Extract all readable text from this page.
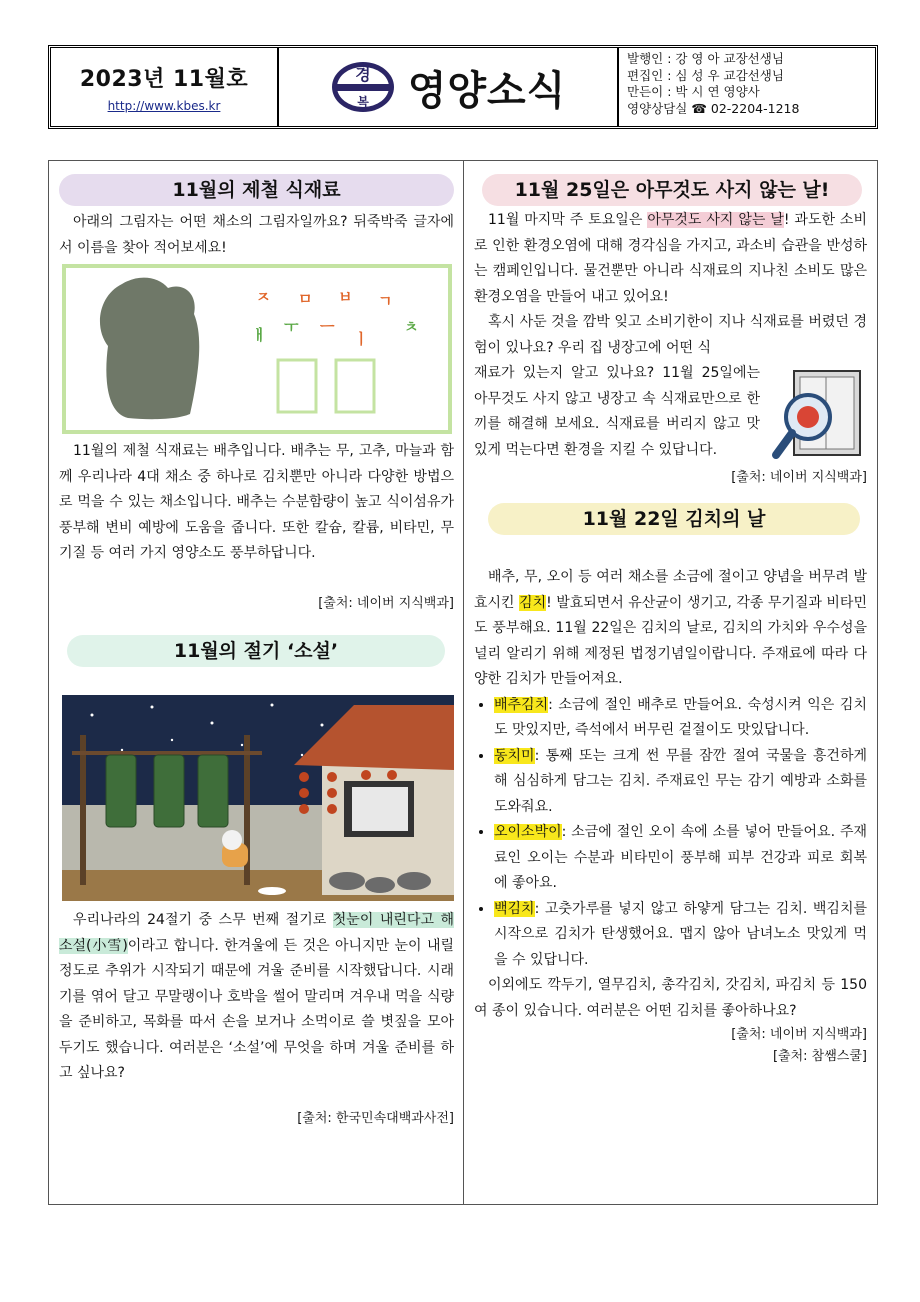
2023년 11월호
http://www.kbes.kr
경
복 영양소식
발행인 : 강 영 아 교장선생님
편집인 : 심 성 우 교감선생님
만든이 : 박 시 연 영양사
영양상담실 ☎ 02-2204-1218
11월의 제철 식재료

아래의 그림자는 어떤 채소의 그림자일까요? 뒤죽박죽 글자에서 이름을 찾아 적어보세요!

ㅈ ㅁ ㅂ ㄱ
ㅐ ㅜ ㅡ
ㅣ
ㅊ

11월의 제철 식재료는 배추입니다. 배추는 무, 고추, 마늘과 함께 우리나라 4대 채소 중 하나로 김치뿐만 아니라 다양한 방법으로 먹을 수 있는 채소입니다. 배추는 수분함량이 높고 식이섬유가 풍부해 변비 예방에 도움을 줍니다. 또한 칼슘, 칼륨, 비타민, 무기질 등 여러 가지 영양소도 풍부하답니다.

[출처: 네이버 지식백과]
11월의 절기 ‘소설’

우리나라의 24절기 중 스무 번째 절기로 첫눈이 내린다고 해 소설(小雪)이라고 합니다. 한겨울에 든 것은 아니지만 눈이 내릴 정도로 추위가 시작되기 때문에 겨울 준비를 시작했답니다. 시래기를 엮어 달고 무말랭이나 호박을 썰어 말리며 겨우내 먹을 식량을 준비하고, 목화를 따서 손을 보거나 소먹이로 쓸 볏짚을 모아두기도 했습니다. 여러분은 ‘소설’에 무엇을 하며 겨울 준비를 하고 싶나요?

[출처: 한국민속대백과사전]
11월 25일은 아무것도 사지 않는 날!

11월 마지막 주 토요일은 아무것도 사지 않는 날! 과도한 소비로 인한 환경오염에 대해 경각심을 가지고, 과소비 습관을 반성하는 캠페인입니다. 물건뿐만 아니라 식재료의 지나친 소비도 많은 환경오염을 만들어 내고 있어요!

혹시 사둔 것을 깜박 잊고 소비기한이 지나 식재료를 버렸던 경험이 있나요? 우리 집 냉장고에 어떤 식

재료가 있는지 알고 있나요? 11월 25일에는 아무것도 사지 않고 냉장고 속 식재료만으로 한 끼를 해결해 보세요. 식재료를 버리지 않고 맛있게 먹는다면 환경을 지킬 수 있답니다.

[출처: 네이버 지식백과]
11월 22일 김치의 날

배추, 무, 오이 등 여러 채소를 소금에 절이고 양념을 버무려 발효시킨 김치! 발효되면서 유산균이 생기고, 각종 무기질과 비타민도 풍부해요. 11월 22일은 김치의 날로, 김치의 가치와 우수성을 널리 알리기 위해 제정된 법정기념일이랍니다. 주재료에 따라 다양한 김치가 만들어져요.

• 배추김치: 소금에 절인 배추로 만들어요. 숙성시켜 익은 김치도 맛있지만, 즉석에서 버무린 겉절이도 맛있답니다.
• 동치미: 통째 또는 크게 썬 무를 잠깐 절여 국물을 흥건하게 해 심심하게 담그는 김치. 주재료인 무는 감기 예방과 소화를 도와줘요.
• 오이소박이: 소금에 절인 오이 속에 소를 넣어 만들어요. 주재료인 오이는 수분과 비타민이 풍부해 피부 건강과 피로 회복에 좋아요.
• 백김치: 고춧가루를 넣지 않고 하얗게 담그는 김치. 백김치를 시작으로 김치가 탄생했어요. 맵지 않아 남녀노소 맛있게 먹을 수 있답니다.

이외에도 깍두기, 열무김치, 총각김치, 갓김치, 파김치 등 150여 종이 있습니다. 여러분은 어떤 김치를 좋아하나요?

[출처: 네이버 지식백과]
[출처: 참쌤스쿨]
